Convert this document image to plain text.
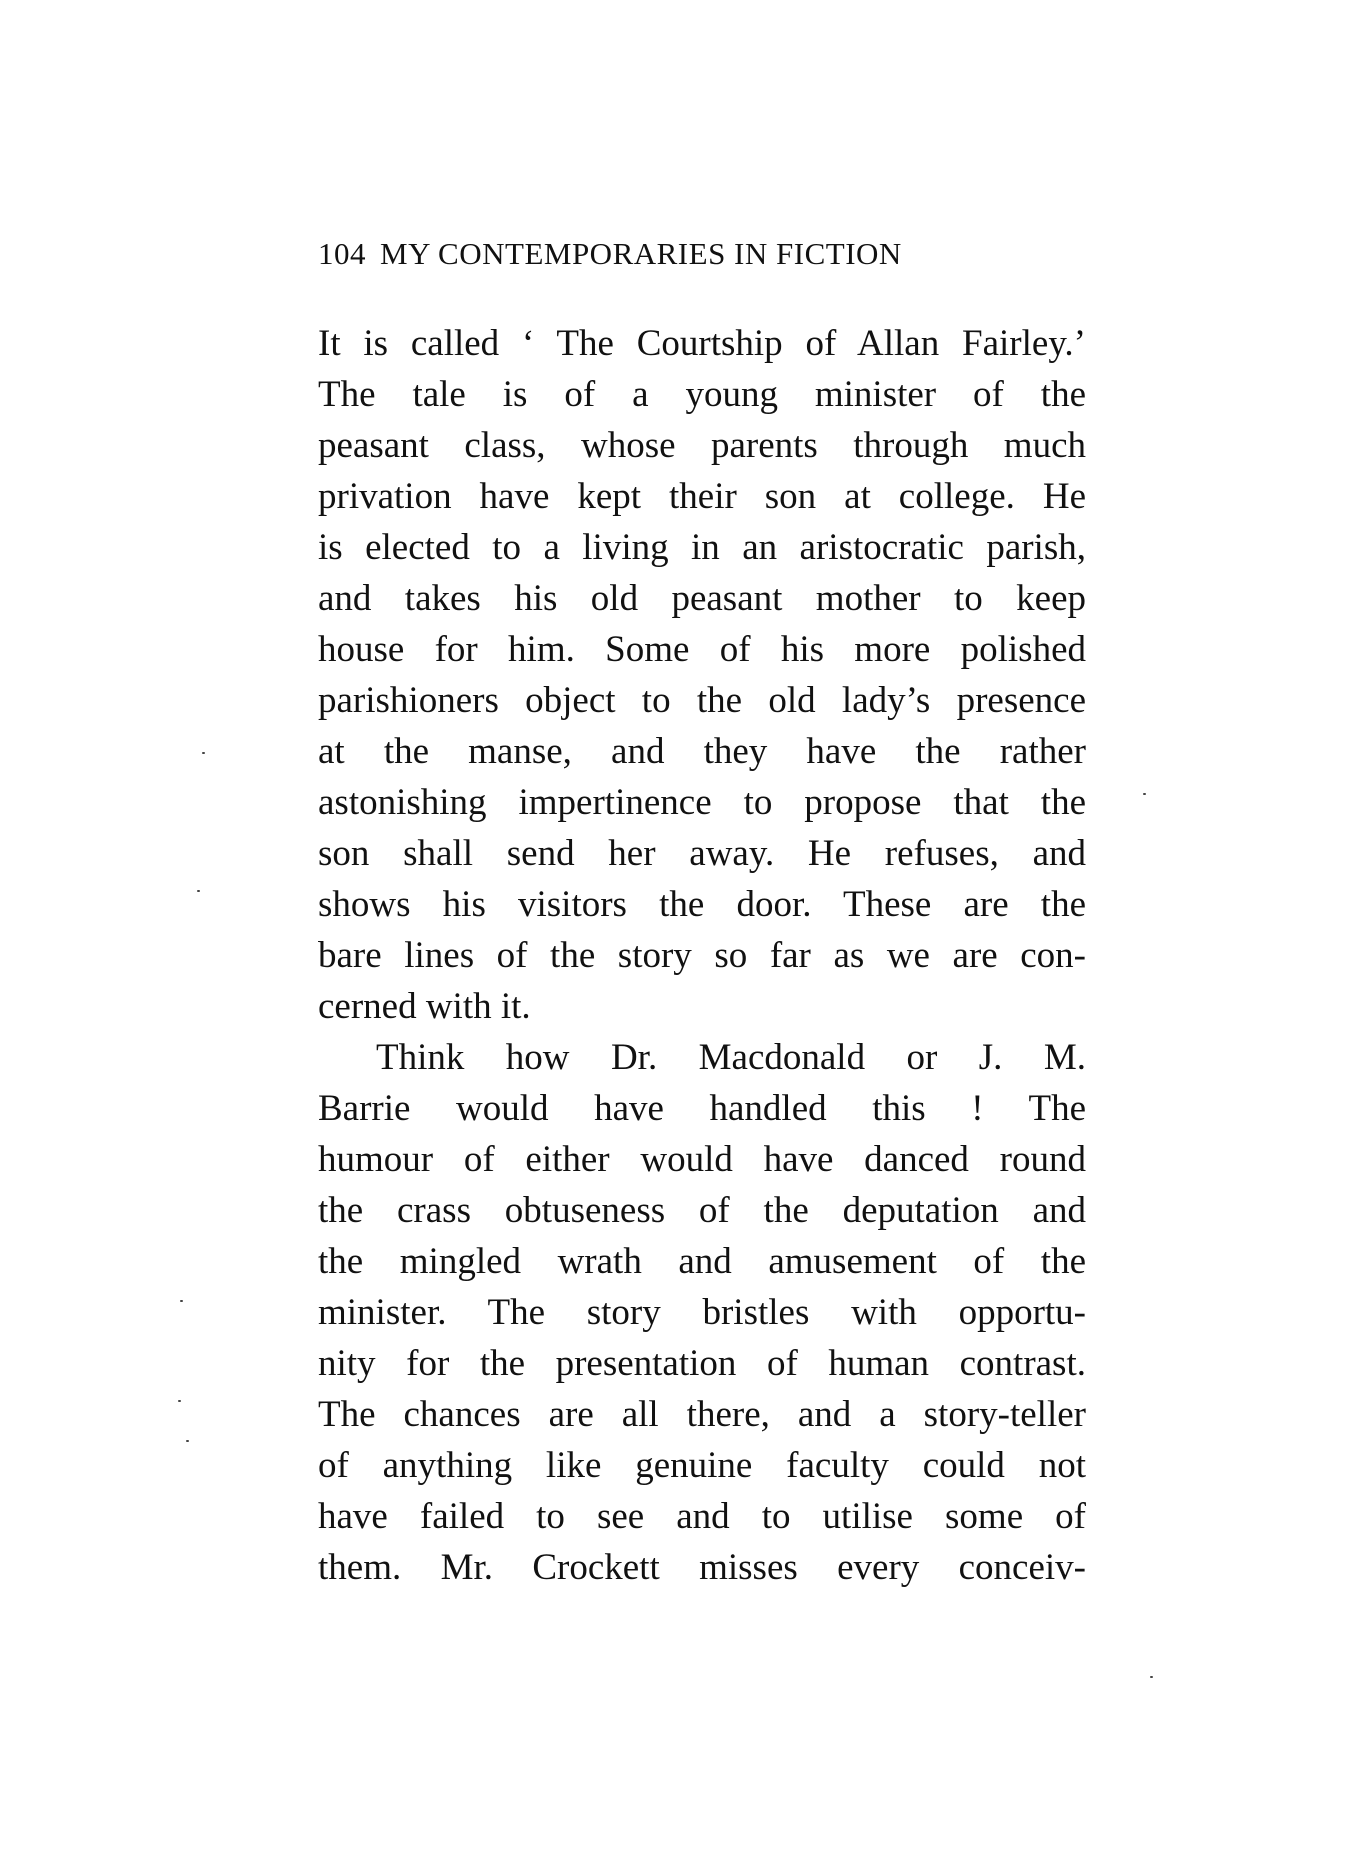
104 MY CONTEMPORARIES IN FICTION
It is called ‘ The Courtship of Allan Fairley.’
The tale is of a young minister of the
peasant class, whose parents through much
privation have kept their son at college. He
is elected to a living in an aristocratic parish,
and takes his old peasant mother to keep
house for him. Some of his more polished
parishioners object to the old lady’s presence
at the manse, and they have the rather
astonishing impertinence to propose that the
son shall send her away. He refuses, and
shows his visitors the door. These are the
bare lines of the story so far as we are con-
cerned with it.
Think how Dr. Macdonald or J. M.
Barrie would have handled this ! The
humour of either would have danced round
the crass obtuseness of the deputation and
the mingled wrath and amusement of the
minister. The story bristles with opportu-
nity for the presentation of human contrast.
The chances are all there, and a story-teller
of anything like genuine faculty could not
have failed to see and to utilise some of
them. Mr. Crockett misses every conceiv-
